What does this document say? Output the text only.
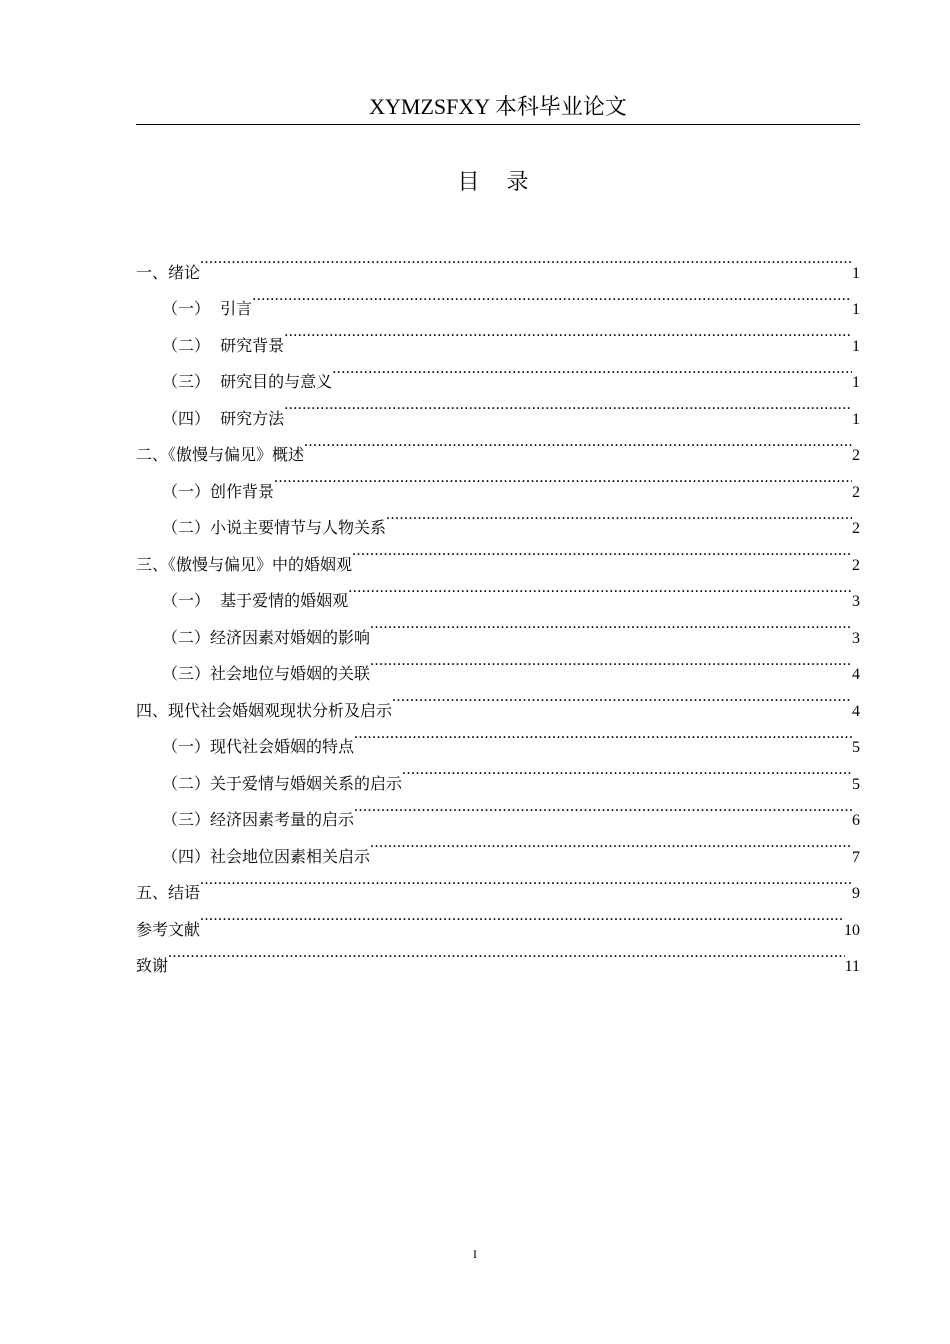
XYMZSFXY 本科毕业论文
目 录
一、绪论 .....	1
（一）  引言 .....	1
（二）  研究背景 .....	1
（三）  研究目的与意义 .....	1
（四）  研究方法 .....	1
二、《傲慢与偏见》概述 .....	2
（一）创作背景 .....	2
（二）小说主要情节与人物关系 .....	2
三、《傲慢与偏见》中的婚姻观 .....	2
（一）  基于爱情的婚姻观 .....	3
（二）经济因素对婚姻的影响 .....	3
（三）社会地位与婚姻的关联 .....	4
四、现代社会婚姻观现状分析及启示 .....	4
（一）现代社会婚姻的特点 .....	5
（二）关于爱情与婚姻关系的启示 .....	5
（三）经济因素考量的启示 .....	6
（四）社会地位因素相关启示 .....	7
五、结语 .....	9
参考文献 .....	10
致谢 .....	11
I
